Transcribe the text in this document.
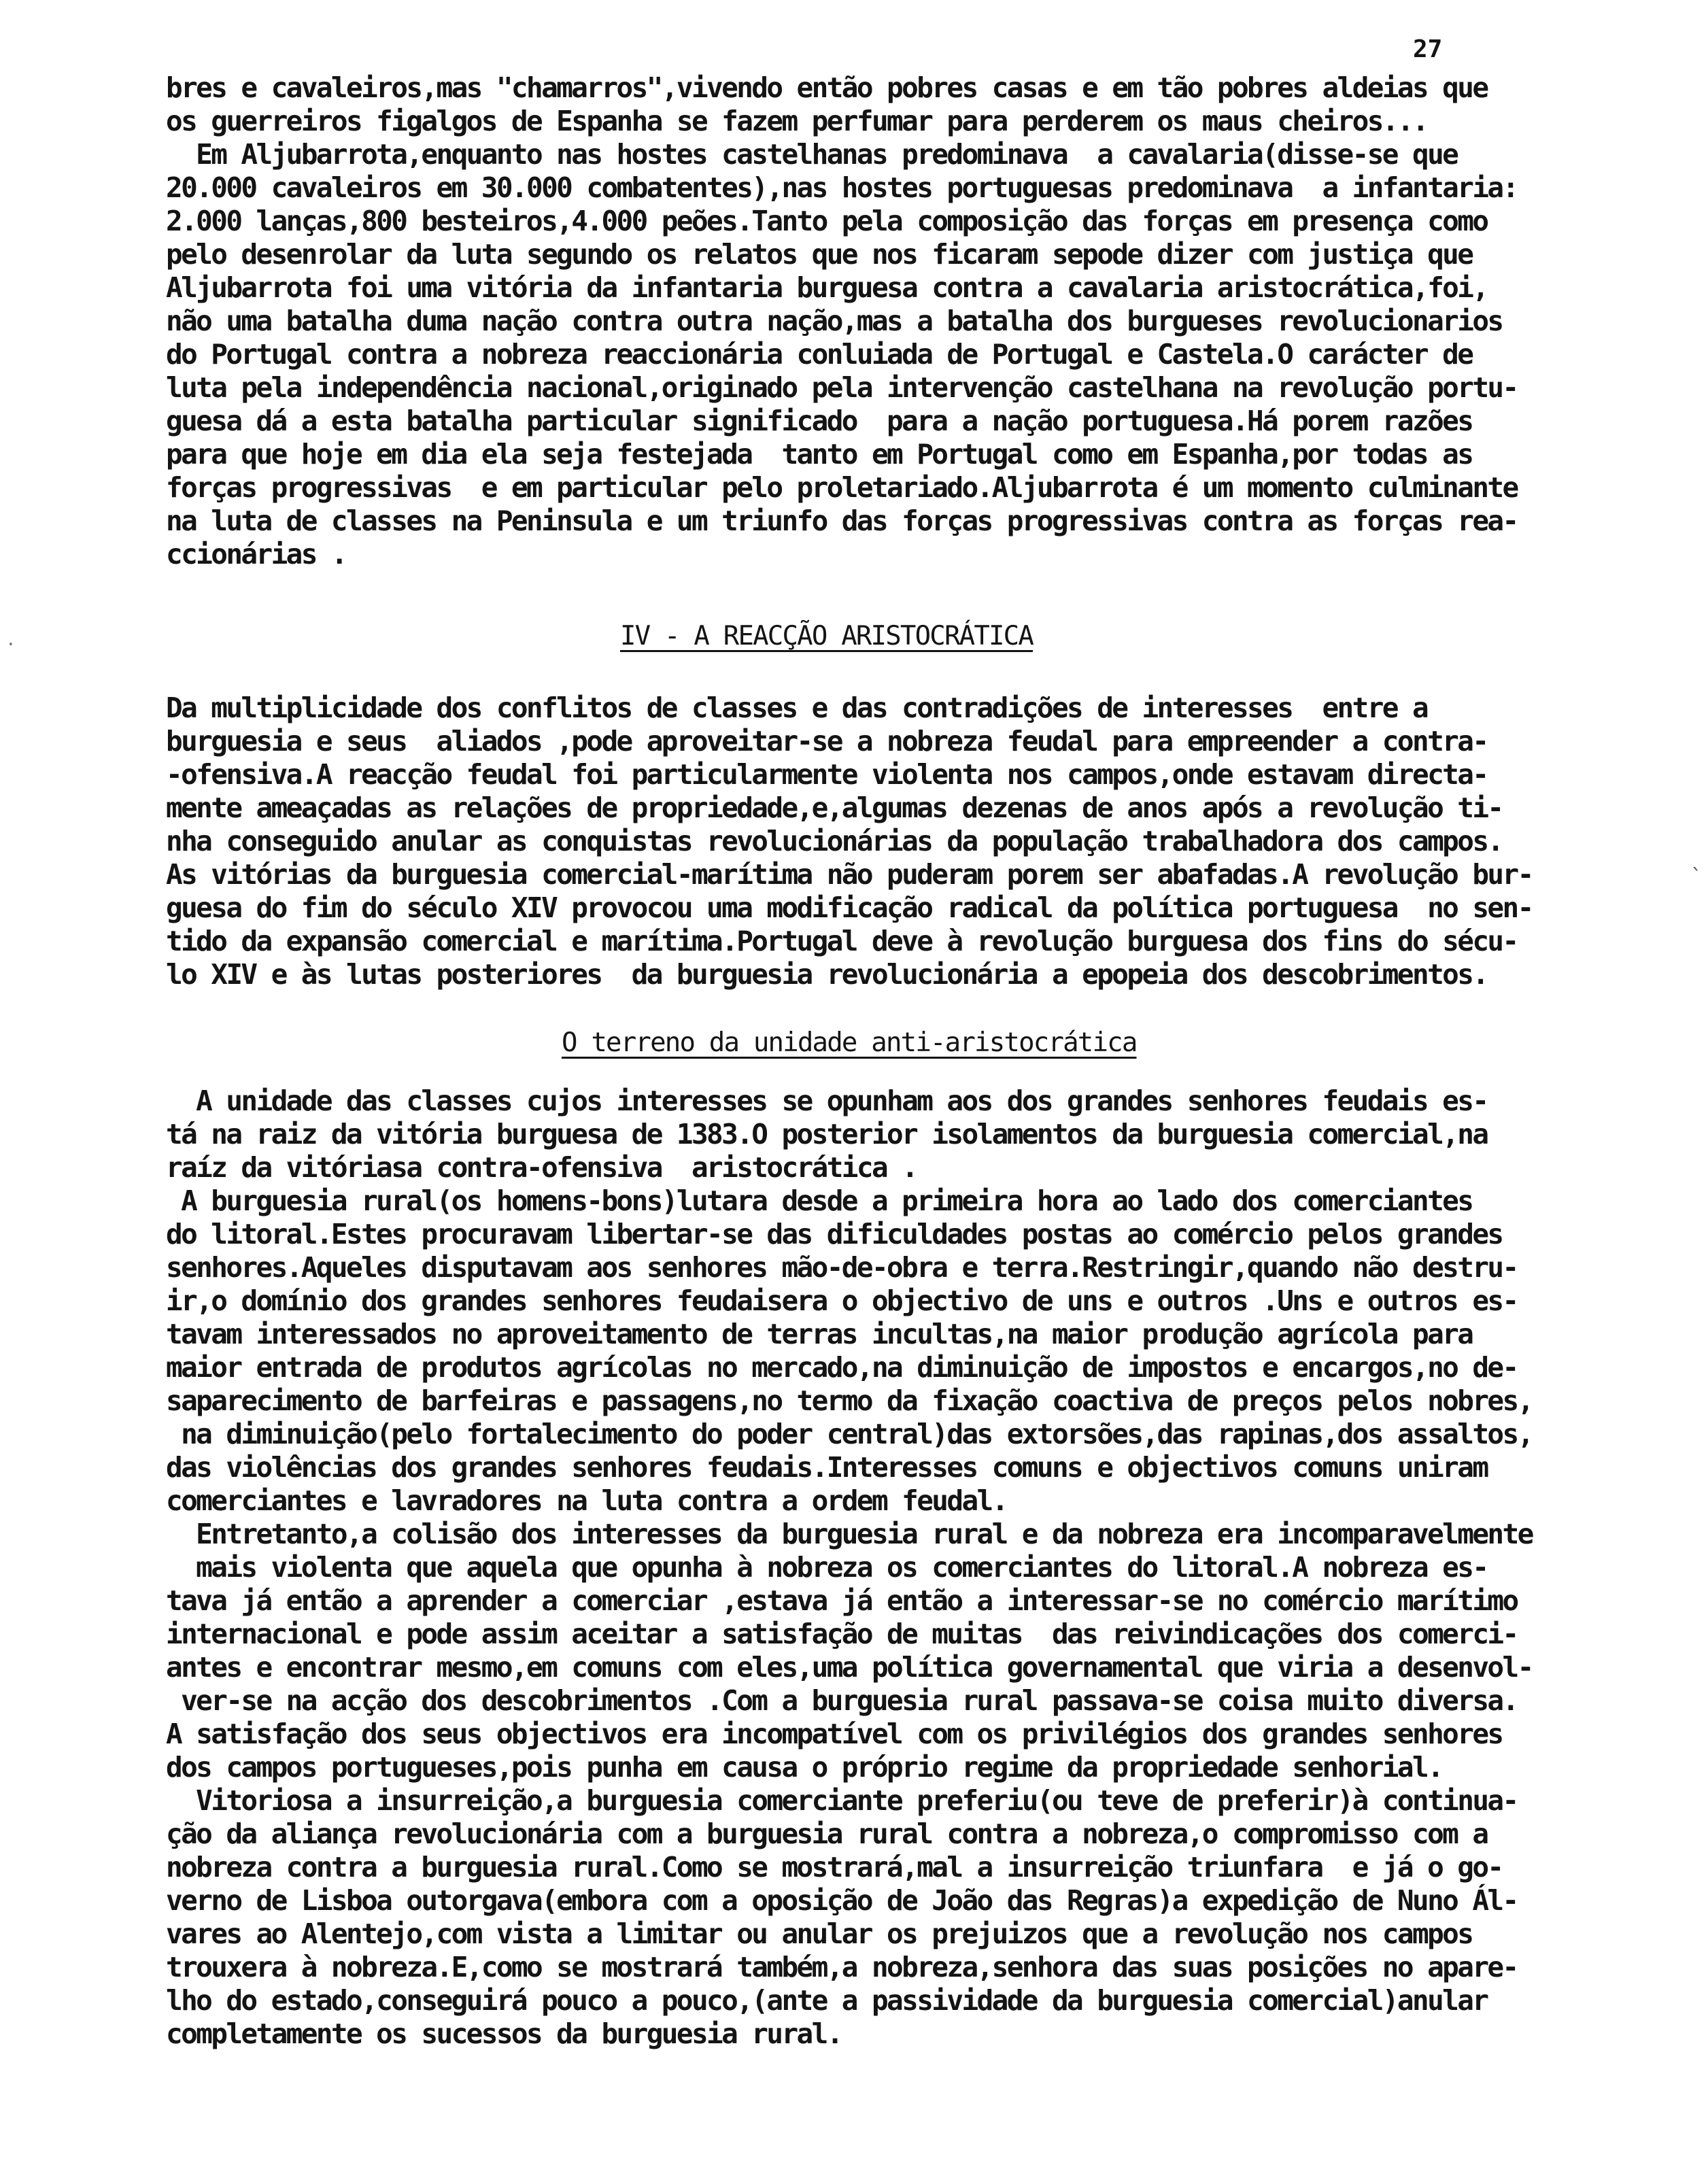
27
bres e cavaleiros,mas "chamarros",vivendo então pobres casas e em tão pobres aldeias que
os guerreiros figalgos de Espanha se fazem perfumar para perderem os maus cheiros...
Em Aljubarrota,enquanto nas hostes castelhanas predominava  a cavalaria(disse-se que
20.000 cavaleiros em 30.000 combatentes),nas hostes portuguesas predominava  a infantaria:
2.000 lanças,800 besteiros,4.000 peões.Tanto pela composição das forças em presença como
pelo desenrolar da luta segundo os relatos que nos ficaram sepode dizer com justiça que
Aljubarrota foi uma vitória da infantaria burguesa contra a cavalaria aristocrática,foi,
não uma batalha duma nação contra outra nação,mas a batalha dos burgueses revolucionarios
do Portugal contra a nobreza reaccionária conluiada de Portugal e Castela.O carácter de
luta pela independência nacional,originado pela intervenção castelhana na revolução portu-
guesa dá a esta batalha particular significado  para a nação portuguesa.Há porem razões
para que hoje em dia ela seja festejada  tanto em Portugal como em Espanha,por todas as
forças progressivas  e em particular pelo proletariado.Aljubarrota é um momento culminante
na luta de classes na Peninsula e um triunfo das forças progressivas contra as forças rea-
ccionárias .
IV - A REACÇÃO ARISTOCRÁTICA
Da multiplicidade dos conflitos de classes e das contradições de interesses  entre a
burguesia e seus  aliados ,pode aproveitar-se a nobreza feudal para empreender a contra-
-ofensiva.A reacção feudal foi particularmente violenta nos campos,onde estavam directa-
mente ameaçadas as relações de propriedade,e,algumas dezenas de anos após a revolução ti-
nha conseguido anular as conquistas revolucionárias da população trabalhadora dos campos.
As vitórias da burguesia comercial-marítima não puderam porem ser abafadas.A revolução bur-
guesa do fim do século XIV provocou uma modificação radical da política portuguesa  no sen-
tido da expansão comercial e marítima.Portugal deve à revolução burguesa dos fins do sécu-
lo XIV e às lutas posteriores  da burguesia revolucionária a epopeia dos descobrimentos.
O terreno da unidade anti-aristocrática
A unidade das classes cujos interesses se opunham aos dos grandes senhores feudais es-
tá na raiz da vitória burguesa de 1383.O posterior isolamentos da burguesia comercial,na
raíz da vitóriasa contra-ofensiva  aristocrática .
A burguesia rural(os homens-bons)lutara desde a primeira hora ao lado dos comerciantes
do litoral.Estes procuravam libertar-se das dificuldades postas ao comércio pelos grandes
senhores.Aqueles disputavam aos senhores mão-de-obra e terra.Restringir,quando não destru-
ir,o domínio dos grandes senhores feudaisera o objectivo de uns e outros .Uns e outros es-
tavam interessados no aproveitamento de terras incultas,na maior produção agrícola para
maior entrada de produtos agrícolas no mercado,na diminuição de impostos e encargos,no de-
saparecimento de barfeiras e passagens,no termo da fixação coactiva de preços pelos nobres,
na diminuição(pelo fortalecimento do poder central)das extorsões,das rapinas,dos assaltos,
das violências dos grandes senhores feudais.Interesses comuns e objectivos comuns uniram
comerciantes e lavradores na luta contra a ordem feudal.
Entretanto,a colisão dos interesses da burguesia rural e da nobreza era incomparavelmente
mais violenta que aquela que opunha à nobreza os comerciantes do litoral.A nobreza es-
tava já então a aprender a comerciar ,estava já então a interessar-se no comércio marítimo
internacional e pode assim aceitar a satisfação de muitas  das reivindicações dos comerci-
antes e encontrar mesmo,em comuns com eles,uma política governamental que viria a desenvol-
ver-se na acção dos descobrimentos .Com a burguesia rural passava-se coisa muito diversa.
A satisfação dos seus objectivos era incompatível com os privilégios dos grandes senhores
dos campos portugueses,pois punha em causa o próprio regime da propriedade senhorial.
Vitoriosa a insurreição,a burguesia comerciante preferiu(ou teve de preferir)à continua-
ção da aliança revolucionária com a burguesia rural contra a nobreza,o compromisso com a
nobreza contra a burguesia rural.Como se mostrará,mal a insurreição triunfara  e já o go-
verno de Lisboa outorgava(embora com a oposição de João das Regras)a expedição de Nuno Ál-
vares ao Alentejo,com vista a limitar ou anular os prejuizos que a revolução nos campos
trouxera à nobreza.E,como se mostrará também,a nobreza,senhora das suas posições no apare-
lho do estado,conseguirá pouco a pouco,(ante a passividade da burguesia comercial)anular
completamente os sucessos da burguesia rural.
`
·
